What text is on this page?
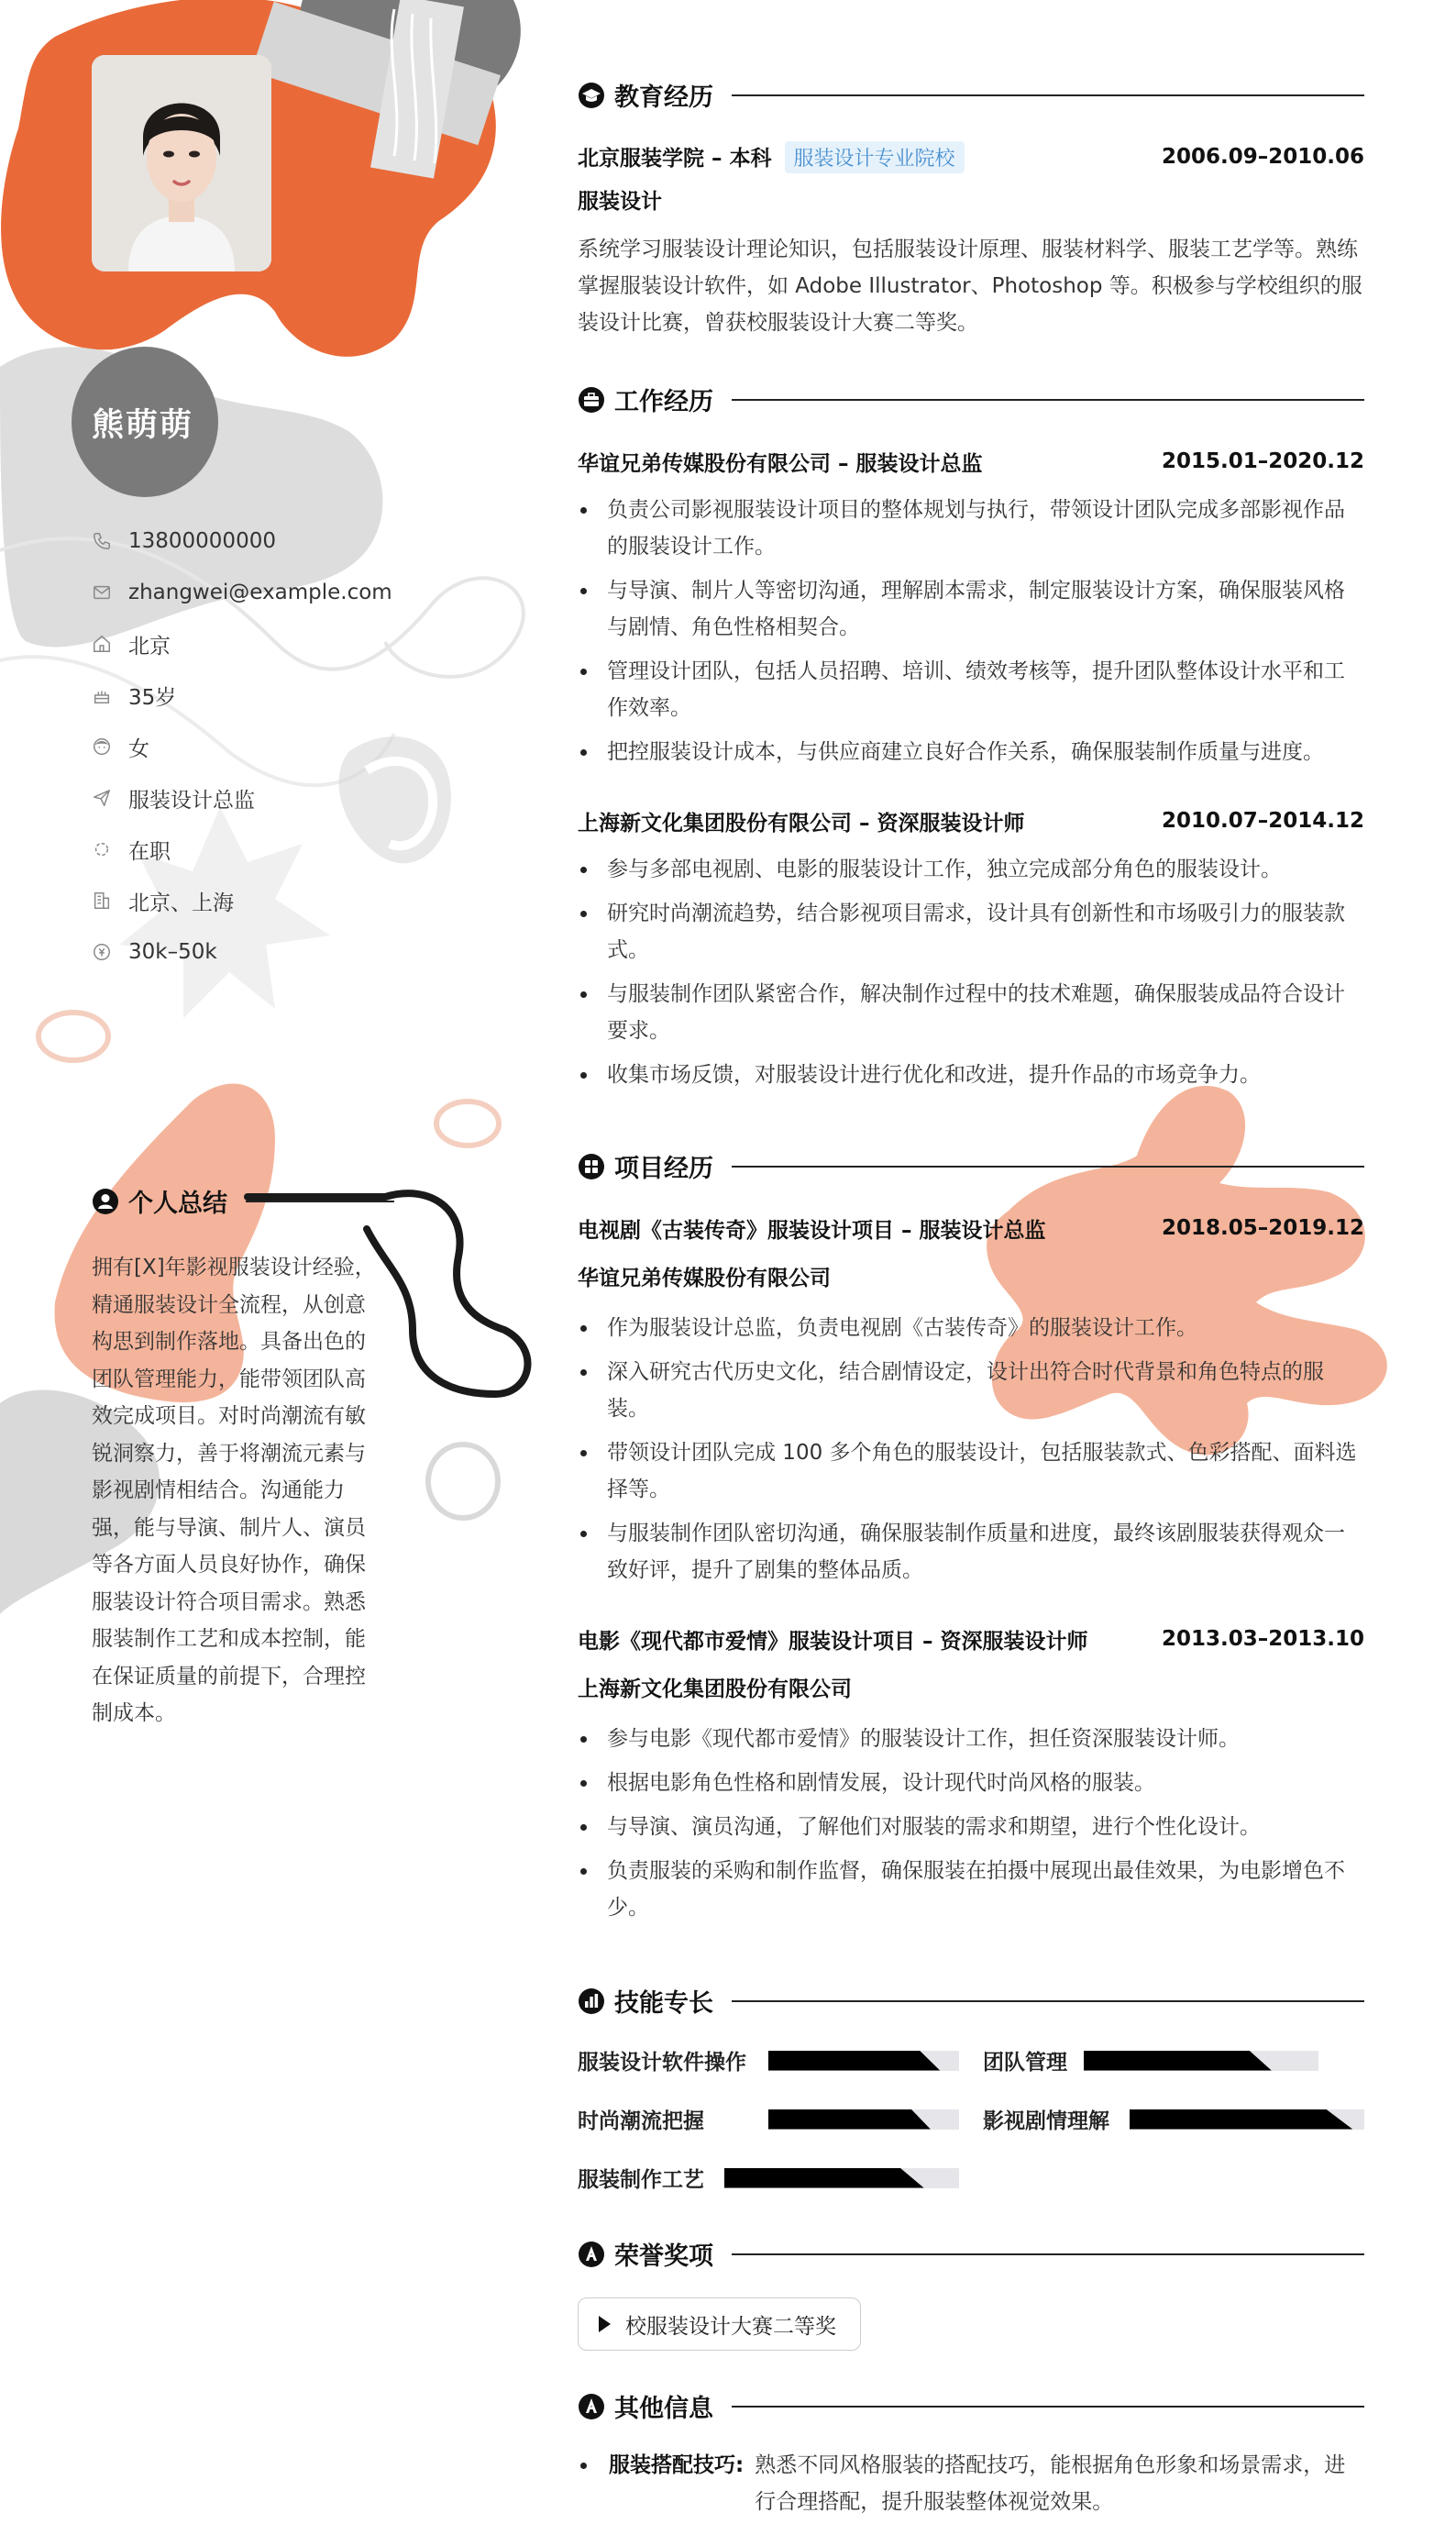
熊萌萌
13800000000
zhangwei@example.com
北京
35岁
女
服装设计总监
在职
北京、上海
30k–50k
个人总结
拥有[X]年影视服装设计经验，精通服装设计全流程，从创意构思到制作落地。具备出色的团队管理能力，能带领团队高效完成项目。对时尚潮流有敏锐洞察力，善于将潮流元素与影视剧情相结合。沟通能力强，能与导演、制片人、演员等各方面人员良好协作，确保服装设计符合项目需求。熟悉服装制作工艺和成本控制，能在保证质量的前提下，合理控制成本。
教育经历
北京服装学院 – 本科 服装设计专业院校	2006.09–2010.06
服装设计
系统学习服装设计理论知识，包括服装设计原理、服装材料学、服装工艺学等。熟练掌握服装设计软件，如 Adobe Illustrator、Photoshop 等。积极参与学校组织的服装设计比赛，曾获校服装设计大赛二等奖。
工作经历
华谊兄弟传媒股份有限公司 – 服装设计总监	2015.01–2020.12
负责公司影视服装设计项目的整体规划与执行，带领设计团队完成多部影视作品的服装设计工作。
与导演、制片人等密切沟通，理解剧本需求，制定服装设计方案，确保服装风格与剧情、角色性格相契合。
管理设计团队，包括人员招聘、培训、绩效考核等，提升团队整体设计水平和工作效率。
把控服装设计成本，与供应商建立良好合作关系，确保服装制作质量与进度。
上海新文化集团股份有限公司 – 资深服装设计师	2010.07–2014.12
参与多部电视剧、电影的服装设计工作，独立完成部分角色的服装设计。
研究时尚潮流趋势，结合影视项目需求，设计具有创新性和市场吸引力的服装款式。
与服装制作团队紧密合作，解决制作过程中的技术难题，确保服装成品符合设计要求。
收集市场反馈，对服装设计进行优化和改进，提升作品的市场竞争力。
项目经历
电视剧《古装传奇》服装设计项目 – 服装设计总监	2018.05–2019.12
华谊兄弟传媒股份有限公司
作为服装设计总监，负责电视剧《古装传奇》的服装设计工作。
深入研究古代历史文化，结合剧情设定，设计出符合时代背景和角色特点的服装。
带领设计团队完成 100 多个角色的服装设计，包括服装款式、色彩搭配、面料选择等。
与服装制作团队密切沟通，确保服装制作质量和进度，最终该剧服装获得观众一致好评，提升了剧集的整体品质。
电影《现代都市爱情》服装设计项目 – 资深服装设计师	2013.03–2013.10
上海新文化集团股份有限公司
参与电影《现代都市爱情》的服装设计工作，担任资深服装设计师。
根据电影角色性格和剧情发展，设计现代时尚风格的服装。
与导演、演员沟通，了解他们对服装的需求和期望，进行个性化设计。
负责服装的采购和制作监督，确保服装在拍摄中展现出最佳效果，为电影增色不少。
技能专长
服装设计软件操作	团队管理
时尚潮流把握	影视剧情理解
服装制作工艺
荣誉奖项
校服装设计大赛二等奖
其他信息
服装搭配技巧: 熟悉不同风格服装的搭配技巧，能根据角色形象和场景需求，进行合理搭配，提升服装整体视觉效果。
